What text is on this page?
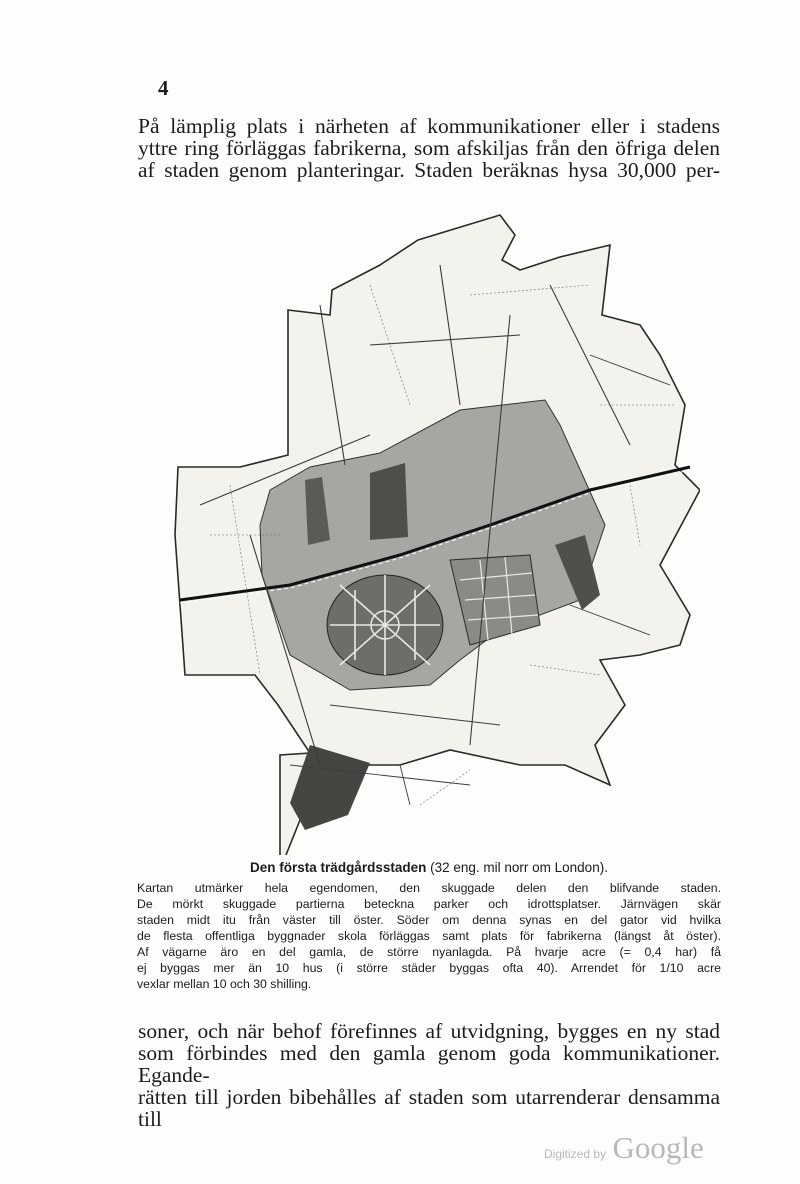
4
På lämplig plats i närheten af kommunikationer eller i stadens
yttre ring förläggas fabrikerna, som afskiljas från den öfriga delen
af staden genom planteringar. Staden beräknas hysa 30,000 per-
Den första trädgårdsstaden (32 eng. mil norr om London).
Kartan utmärker hela egendomen, den skuggade delen den blifvande staden.
De mörkt skuggade partierna beteckna parker och idrottsplatser. Järnvägen skär
staden midt itu från väster till öster. Söder om denna synas en del gator vid hvilka
de flesta offentliga byggnader skola förläggas samt plats för fabrikerna (längst åt öster).
Af vägarne äro en del gamla, de större nyanlagda. På hvarje acre (= 0,4 har) få
ej byggas mer än 10 hus (i större städer byggas ofta 40). Arrendet för 1/10 acre
vexlar mellan 10 och 30 shilling.
soner, och när behof förefinnes af utvidgning, bygges en ny stad
som förbindes med den gamla genom goda kommunikationer. Egande-
rätten till jorden bibehålles af staden som utarrenderar densamma till
Digitized by Google
